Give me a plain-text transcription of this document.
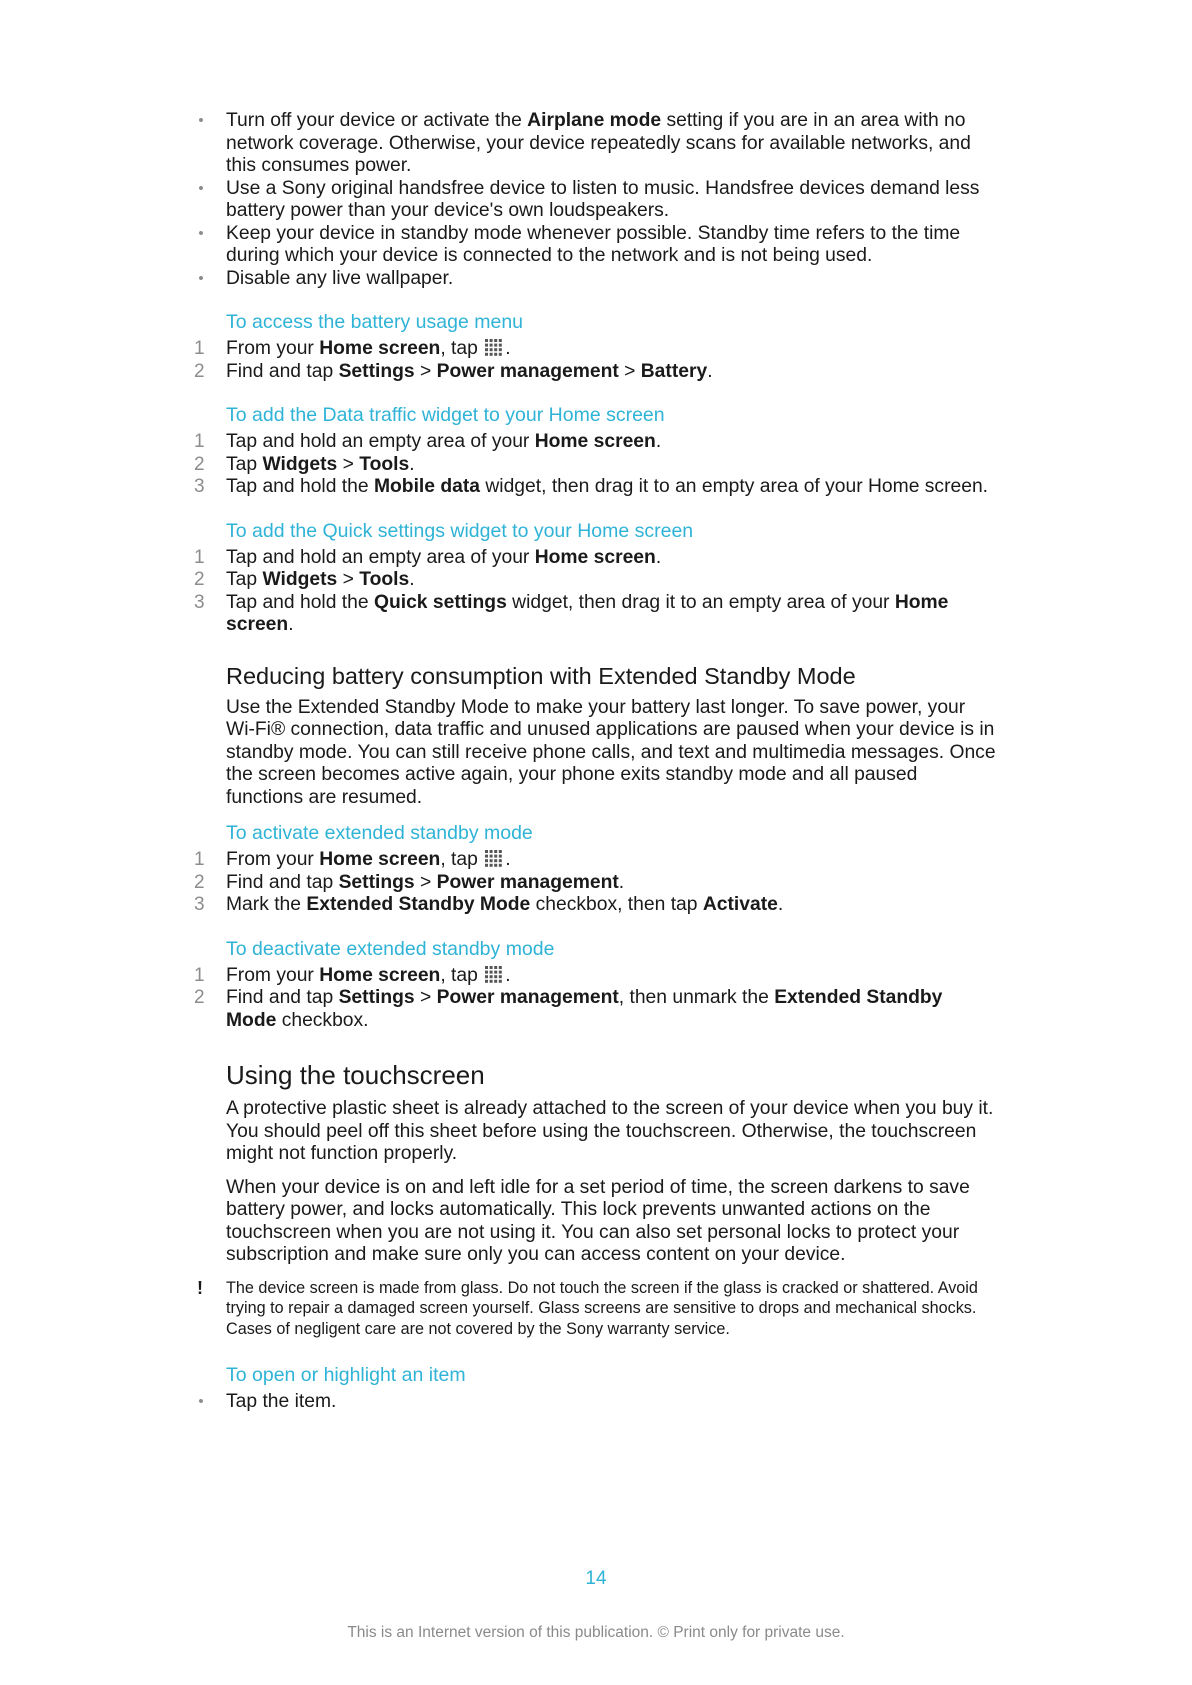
• Turn off your device or activate the Airplane mode setting if you are in an area with no network coverage. Otherwise, your device repeatedly scans for available networks, and this consumes power.
• Use a Sony original handsfree device to listen to music. Handsfree devices demand less battery power than your device's own loudspeakers.
• Keep your device in standby mode whenever possible. Standby time refers to the time during which your device is connected to the network and is not being used.
• Disable any live wallpaper.
To access the battery usage menu
1 From your Home screen, tap
.
2 Find and tap Settings > Power management > Battery.
To add the Data traffic widget to your Home screen
1 Tap and hold an empty area of your Home screen.
2 Tap Widgets > Tools.
3 Tap and hold the Mobile data widget, then drag it to an empty area of your Home screen.
To add the Quick settings widget to your Home screen
1 Tap and hold an empty area of your Home screen.
2 Tap Widgets > Tools.
3 Tap and hold the Quick settings widget, then drag it to an empty area of your Home screen.
Reducing battery consumption with Extended Standby Mode
Use the Extended Standby Mode to make your battery last longer. To save power, your Wi-Fi® connection, data traffic and unused applications are paused when your device is in standby mode. You can still receive phone calls, and text and multimedia messages. Once the screen becomes active again, your phone exits standby mode and all paused functions are resumed.
To activate extended standby mode
1 From your Home screen, tap
.
2 Find and tap Settings > Power management.
3 Mark the Extended Standby Mode checkbox, then tap Activate.
To deactivate extended standby mode
1 From your Home screen, tap
.
2 Find and tap Settings > Power management, then unmark the Extended Standby Mode checkbox.
Using the touchscreen
A protective plastic sheet is already attached to the screen of your device when you buy it. You should peel off this sheet before using the touchscreen. Otherwise, the touchscreen might not function properly.
When your device is on and left idle for a set period of time, the screen darkens to save battery power, and locks automatically. This lock prevents unwanted actions on the touchscreen when you are not using it. You can also set personal locks to protect your subscription and make sure only you can access content on your device.
! The device screen is made from glass. Do not touch the screen if the glass is cracked or shattered. Avoid trying to repair a damaged screen yourself. Glass screens are sensitive to drops and mechanical shocks. Cases of negligent care are not covered by the Sony warranty service.
To open or highlight an item
• Tap the item.
14
This is an Internet version of this publication. © Print only for private use.
